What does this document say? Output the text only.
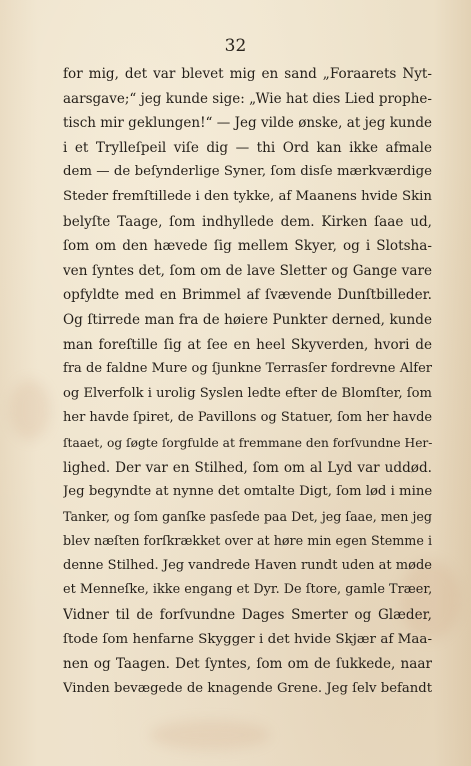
32
for mig, det var blevet mig en sand „Foraarets Nyt-
aarsgave;“ jeg kunde sige: „Wie hat dies Lied prophe-
tisch mir geklungen!“ — Jeg vilde ønske, at jeg kunde
i et Trylleſpeil viſe dig — thi Ord kan ikke afmale
dem — de beſynderlige Syner, ſom disſe mærkværdige
Steder fremſtillede i den tykke, af Maanens hvide Skin
belyſte Taage, ſom indhyllede dem. Kirken ſaae ud,
ſom om den hævede ſig mellem Skyer, og i Slotsha-
ven ſyntes det, ſom om de lave Sletter og Gange vare
opfyldte med en Brimmel af ſvævende Dunſtbilleder.
Og ſtirrede man fra de høiere Punkter derned, kunde
man foreſtille ſig at ſee en heel Skyverden, hvori de
fra de faldne Mure og ſjunkne Terrasſer fordrevne Alfer
og Elverfolk i urolig Syslen ledte efter de Blomſter, ſom
her havde ſpiret, de Pavillons og Statuer, ſom her havde
ſtaaet, og ſøgte ſorgfulde at fremmane den forſvundne Her-
lighed. Der var en Stilhed, ſom om al Lyd var uddød.
Jeg begyndte at nynne det omtalte Digt, ſom lød i mine
Tanker, og ſom ganſke pasſede paa Det, jeg ſaae, men jeg
blev næſten forſkrækket over at høre min egen Stemme i
denne Stilhed. Jeg vandrede Haven rundt uden at møde
et Menneſke, ikke engang et Dyr. De ſtore, gamle Træer,
Vidner til de forſvundne Dages Smerter og Glæder,
ſtode ſom henfarne Skygger i det hvide Skjær af Maa-
nen og Taagen. Det ſyntes, ſom om de ſukkede, naar
Vinden bevægede de knagende Grene. Jeg ſelv befandt
